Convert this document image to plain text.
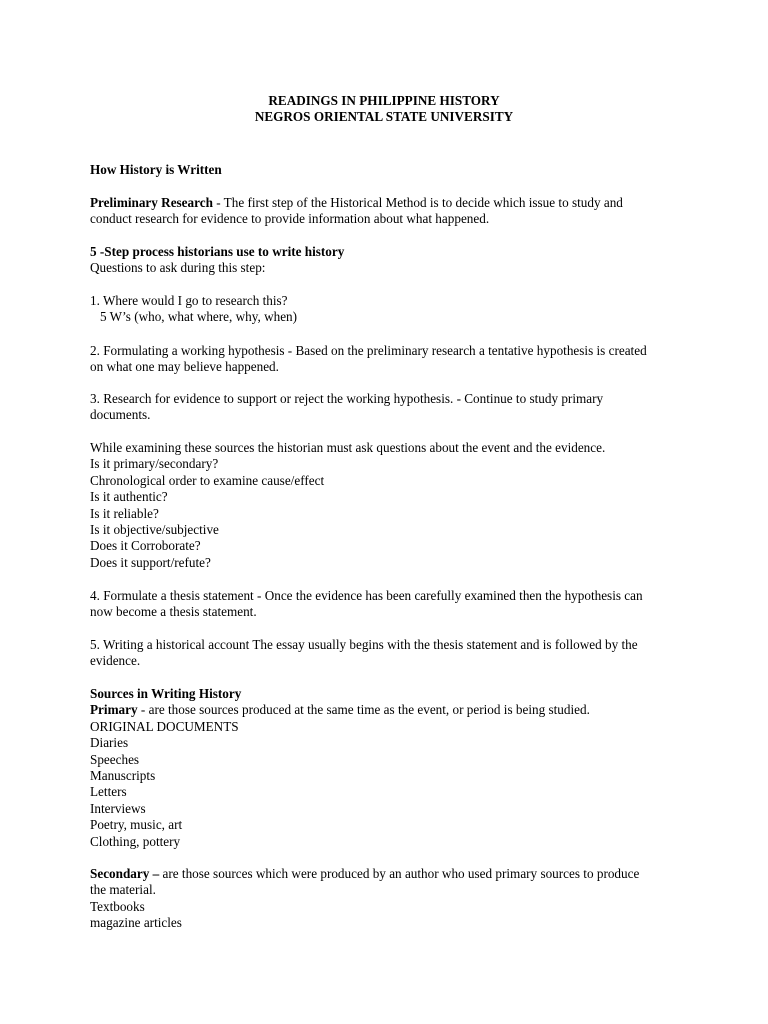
READINGS IN PHILIPPINE HISTORY
NEGROS ORIENTAL STATE UNIVERSITY
How History is Written
Preliminary Research - The first step of the Historical Method is to decide which issue to study and
conduct research for evidence to provide information about what happened.
5 -Step process historians use to write history
Questions to ask during this step:
1. Where would I go to research this?
5 W’s (who, what where, why, when)
2. Formulating a working hypothesis - Based on the preliminary research a tentative hypothesis is created
on what one may believe happened.
3. Research for evidence to support or reject the working hypothesis. - Continue to study primary
documents.
While examining these sources the historian must ask questions about the event and the evidence.
Is it primary/secondary?
Chronological order to examine cause/effect
Is it authentic?
Is it reliable?
Is it objective/subjective
Does it Corroborate?
Does it support/refute?
4. Formulate a thesis statement - Once the evidence has been carefully examined then the hypothesis can
now become a thesis statement.
5. Writing a historical account The essay usually begins with the thesis statement and is followed by the
evidence.
Sources in Writing History
Primary - are those sources produced at the same time as the event, or period is being studied.
ORIGINAL DOCUMENTS
Diaries
Speeches
Manuscripts
Letters
Interviews
Poetry, music, art
Clothing, pottery
Secondary – are those sources which were produced by an author who used primary sources to produce
the material.
Textbooks
magazine articles
